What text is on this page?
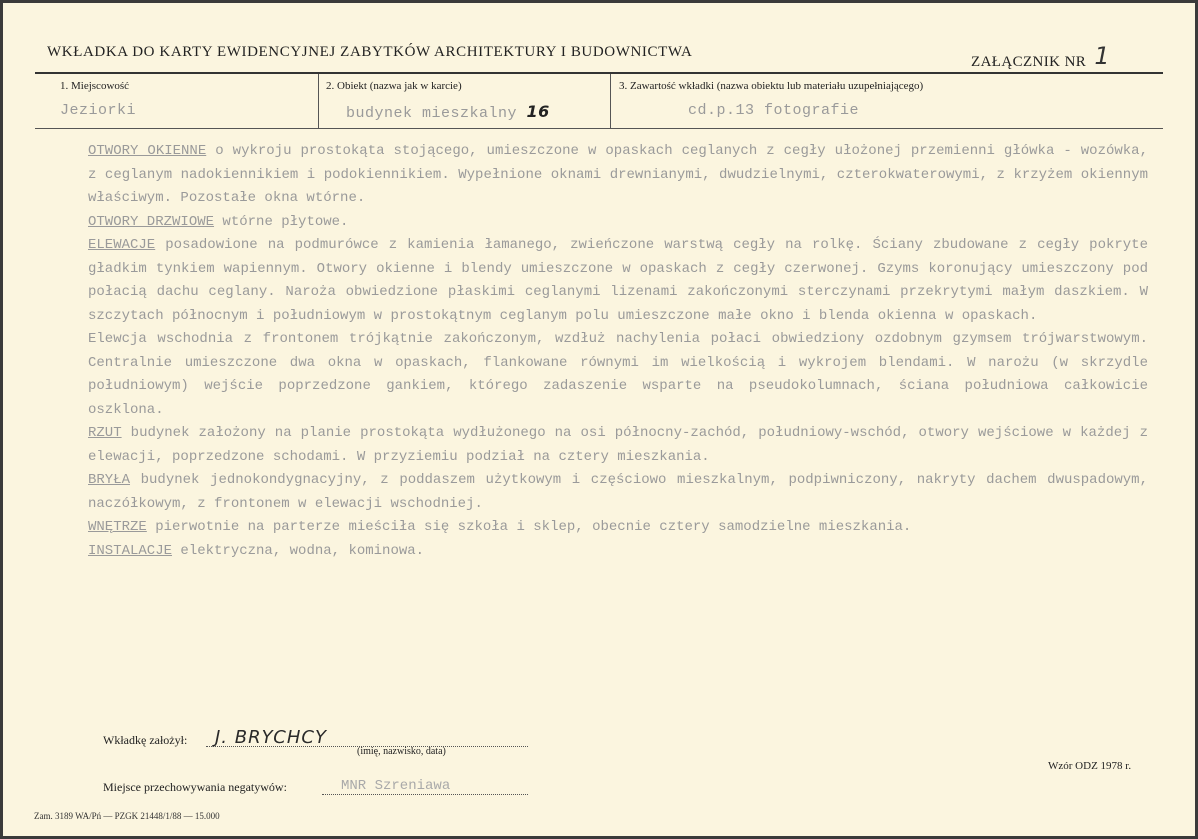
WKŁADKA DO KARTY EWIDENCYJNEJ ZABYTKÓW ARCHITEKTURY I BUDOWNICTWA
ZAŁĄCZNIK NR 1
1. Miejscowość
Jeziorki
2. Obiekt (nazwa jak w karcie)
budynek mieszkalny 16
3. Zawartość wkładki (nazwa obiektu lub materiału uzupełniającego)
cd.p.13 fotografie

OTWORY OKIENNE o wykroju prostokąta stojącego, umieszczone w opaskach ceglanych z cegły ułożonej przemienni główka - wozówka, z ceglanym nadokiennikiem i podokiennikiem. Wypełnione oknami drewnianymi, dwudzielnymi, czterokwaterowymi, z krzyżem okiennym właściwym. Pozostałe okna wtórne.

OTWORY DRZWIOWE wtórne płytowe.

ELEWACJE posadowione na podmurówce z kamienia łamanego, zwieńczone warstwą cegły na rolkę. Ściany zbudowane z cegły pokryte gładkim tynkiem wapiennym. Otwory okienne i blendy umieszczone w opaskach z cegły czerwonej. Gzyms koronujący umieszczony pod połacią dachu ceglany. Naroża obwiedzione płaskimi ceglanymi lizenami zakończonymi sterczynami przekrytymi małym daszkiem. W szczytach północnym i południowym w prostokątnym ceglanym polu umieszczone małe okno i blenda okienna w opaskach.

Elewcja wschodnia z frontonem trójkątnie zakończonym, wzdłuż nachylenia połaci obwiedziony ozdobnym gzymsem trójwarstwowym. Centralnie umieszczone dwa okna w opaskach, flankowane równymi im wielkością i wykrojem blendami. W narożu (w skrzydle południowym) wejście poprzedzone gankiem, którego zadaszenie wsparte na pseudokolumnach, ściana południowa całkowicie oszklona.

RZUT budynek założony na planie prostokąta wydłużonego na osi północny-zachód, południowy-wschód, otwory wejściowe w każdej z elewacji, poprzedzone schodami. W przyziemiu podział na cztery mieszkania.

BRYŁA budynek jednokondygnacyjny, z poddaszem użytkowym i częściowo mieszkalnym, podpiwniczony, nakryty dachem dwuspadowym, naczółkowym, z frontonem w elewacji wschodniej.

WNĘTRZE pierwotnie na parterze mieściła się szkoła i sklep, obecnie cztery samodzielne mieszkania.

INSTALACJE elektryczna, wodna, kominowa.

Wkładkę założył: J. BRYCHCY
(imię, nazwisko, data)
Miejsce przechowywania negatywów:	MNR Szreniawa
Wzór ODZ 1978 r.
Zam. 3189 WA/Pń — PZGK 21448/1/88 — 15.000
